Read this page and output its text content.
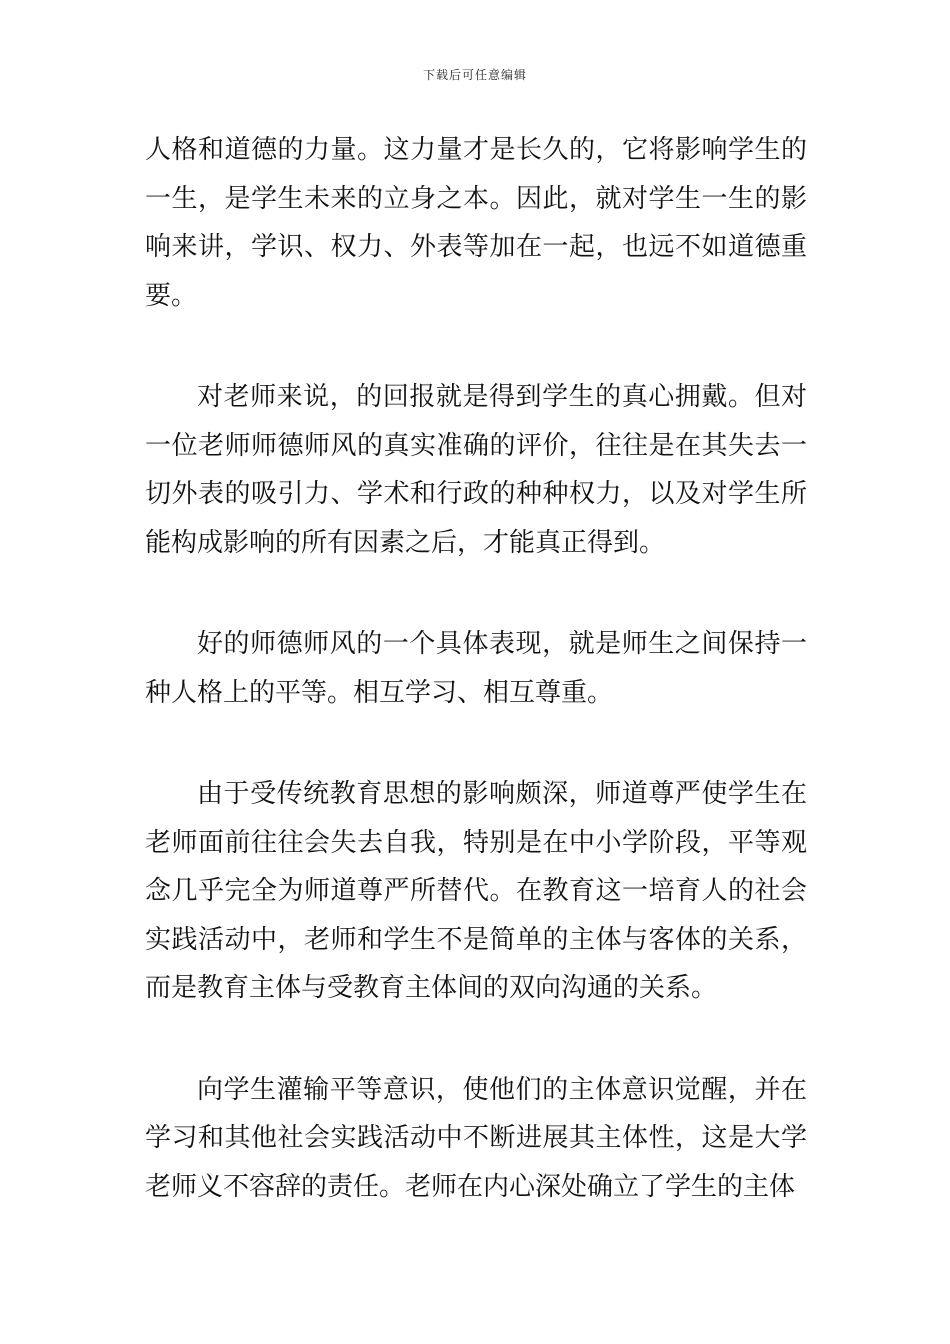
下载后可任意编辑

人格和道德的力量。这力量才是长久的，它将影响学生的一生，是学生未来的立身之本。因此，就对学生一生的影响来讲，学识、权力、外表等加在一起，也远不如道德重要。

对老师来说，的回报就是得到学生的真心拥戴。但对一位老师师德师风的真实准确的评价，往往是在其失去一切外表的吸引力、学术和行政的种种权力，以及对学生所能构成影响的所有因素之后，才能真正得到。

好的师德师风的一个具体表现，就是师生之间保持一种人格上的平等。相互学习、相互尊重。

由于受传统教育思想的影响颇深，师道尊严使学生在老师面前往往会失去自我，特别是在中小学阶段，平等观念几乎完全为师道尊严所替代。在教育这一培育人的社会实践活动中，老师和学生不是简单的主体与客体的关系，而是教育主体与受教育主体间的双向沟通的关系。

向学生灌输平等意识，使他们的主体意识觉醒，并在学习和其他社会实践活动中不断进展其主体性，这是大学老师义不容辞的责任。老师在内心深处确立了学生的主体
